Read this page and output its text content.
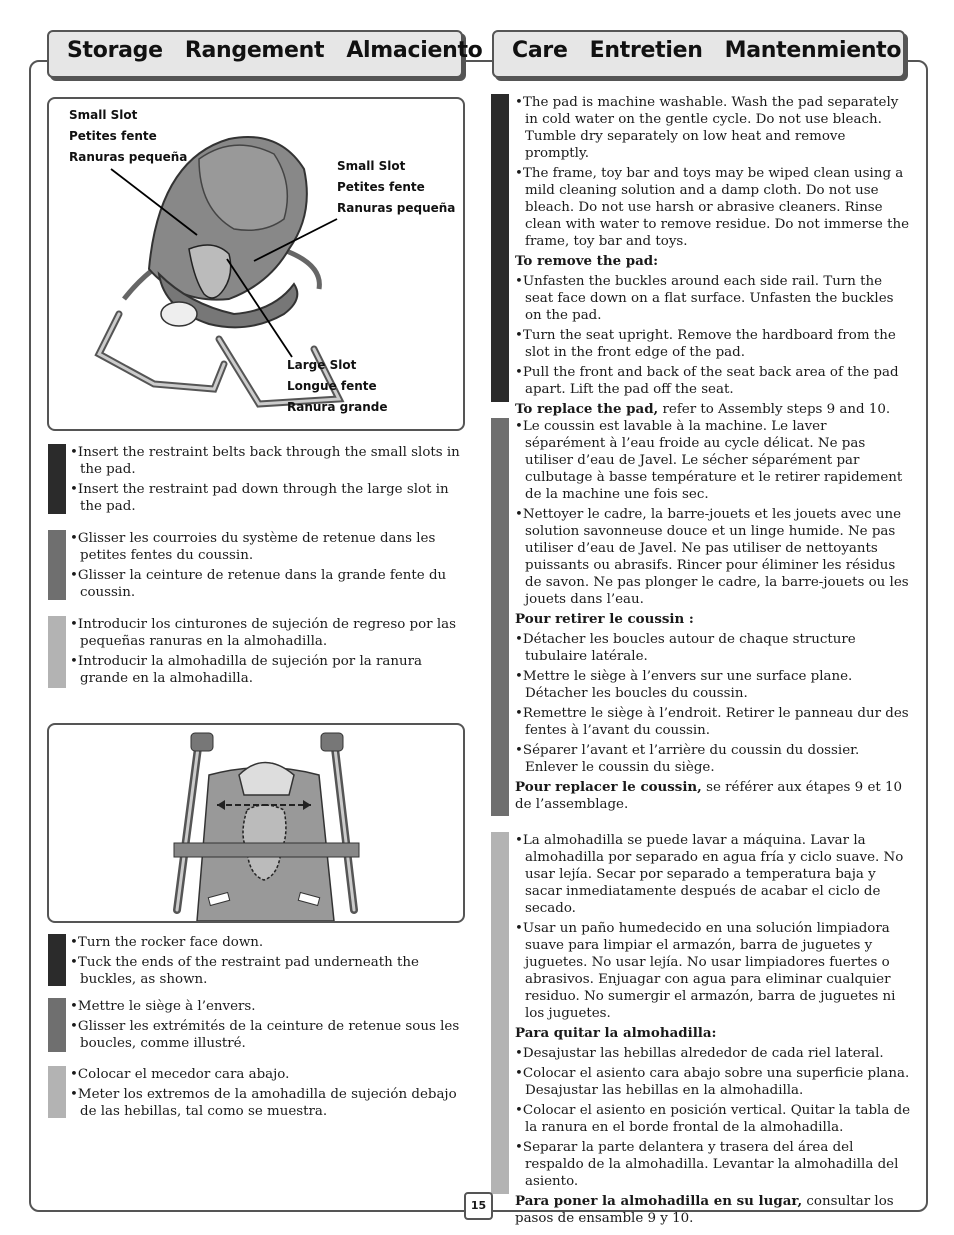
Storage   Rangement   Almaciento Care   Entretien   Mantenmiento
Small Slot
Petites fente
Ranuras pequeña
Small Slot
Petites fente
Ranuras pequeña
Large Slot
Longue fente
Ranura grande
•Insert the restraint belts back through the small slots in the pad.
•Insert the restraint pad down through the large slot in the pad.
•Glisser les courroies du système de retenue dans les petites fentes du coussin.
•Glisser la ceinture de retenue dans la grande fente du coussin.
•Introducir los cinturones de sujeción de regreso por las pequeñas ranuras en la almohadilla.
•Introducir la almohadilla de sujeción por la ranura grande en la almohadilla.
•Turn the rocker face down.
•Tuck the ends of the restraint pad underneath the buckles, as shown.
•Mettre le siège à l’envers.
•Glisser les extrémités de la ceinture de retenue sous les boucles, comme illustré.
•Colocar el mecedor cara abajo.
•Meter los extremos de la amohadilla de sujeción debajo de las hebillas, tal como se muestra.
•The pad is machine washable. Wash the pad separately in cold water on the gentle cycle. Do not use bleach. Tumble dry separately on low heat and remove promptly.
•The frame, toy bar and toys may be wiped clean using a mild cleaning solution and a damp cloth. Do not use bleach. Do not use harsh or abrasive cleaners. Rinse clean with water to remove residue. Do not immerse the frame, toy bar and toys.
To remove the pad:
•Unfasten the buckles around each side rail. Turn the seat face down on a flat surface. Unfasten the buckles on the pad.
•Turn the seat upright. Remove the hardboard from the slot in the front edge of the pad.
•Pull the front and back of the seat back area of the pad apart. Lift the pad off the seat.
To replace the pad, refer to Assembly steps 9 and 10.
•Le coussin est lavable à la machine. Le laver séparément à l’eau froide au cycle délicat. Ne pas utiliser d’eau de Javel. Le sécher séparément par culbutage à basse température et le retirer rapidement de la machine une fois sec.
•Nettoyer le cadre, la barre-jouets et les jouets avec une solution savonneuse douce et un linge humide. Ne pas utiliser d’eau de Javel. Ne pas utiliser de nettoyants puissants ou abrasifs. Rincer pour éliminer les résidus de savon. Ne pas plonger le cadre, la barre-jouets ou les jouets dans l’eau.
Pour retirer le coussin :
•Détacher les boucles autour de chaque structure tubulaire latérale.
•Mettre le siège à l’envers sur une surface plane. Détacher les boucles du coussin.
•Remettre le siège à l’endroit. Retirer le panneau dur des fentes à l’avant du coussin.
•Séparer l’avant et l’arrière du coussin du dossier. Enlever le coussin du siège.
Pour replacer le coussin, se référer aux étapes 9 et 10 de l’assemblage.
•La almohadilla se puede lavar a máquina. Lavar la almohadilla por separado en agua fría y ciclo suave. No usar lejía. Secar por separado a temperatura baja y sacar inmediatamente después de acabar el ciclo de secado.
•Usar un paño humedecido en una solución limpiadora suave para limpiar el armazón, barra de juguetes y juguetes. No usar lejía. No usar limpiadores fuertes o abrasivos. Enjuagar con agua para eliminar cualquier residuo. No sumergir el armazón, barra de juguetes ni los juguetes.
Para quitar la almohadilla:
•Desajustar las hebillas alrededor de cada riel lateral.
•Colocar el asiento cara abajo sobre una superficie plana. Desajustar las hebillas en la almohadilla.
•Colocar el asiento en posición vertical. Quitar la tabla de la ranura en el borde frontal de la almohadilla.
•Separar la parte delantera y trasera del área del respaldo de la almohadilla. Levantar la almohadilla del asiento.
Para poner la almohadilla en su lugar, consultar los pasos de ensamble 9 y 10.
15
